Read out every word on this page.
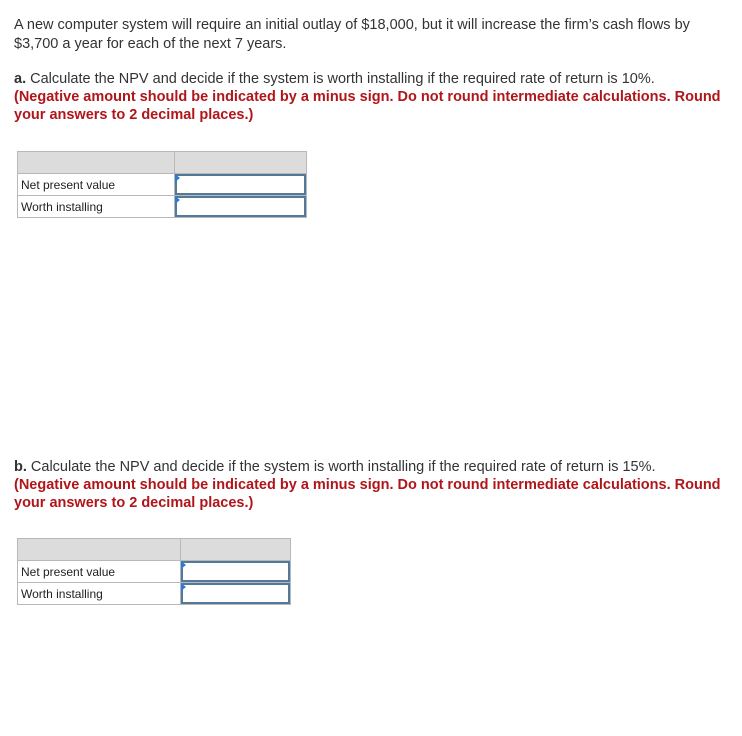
A new computer system will require an initial outlay of $18,000, but it will increase the firm’s cash flows by $3,700 a year for each of the next 7 years.
a. Calculate the NPV and decide if the system is worth installing if the required rate of return is 10%.
(Negative amount should be indicated by a minus sign. Do not round intermediate calculations. Round your answers to 2 decimal places.)

Net present value	

Worth installing	
b. Calculate the NPV and decide if the system is worth installing if the required rate of return is 15%.
(Negative amount should be indicated by a minus sign. Do not round intermediate calculations. Round your answers to 2 decimal places.)

Net present value	

Worth installing	
